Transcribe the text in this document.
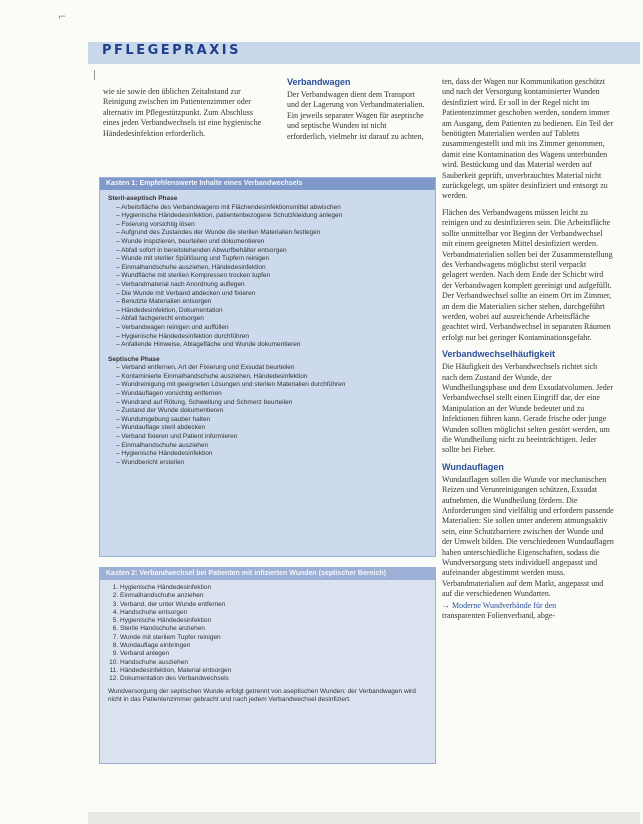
⌐
PFLEGEPRAXIS

wie sie sowie den üblichen Zeitabstand zur Reinigung zwischen im Patientenzimmer oder alternativ im Pflegestützpunkt. Zum Abschluss eines jeden Verbandwechsels ist eine hygienische Händedesinfektion erforderlich.

Verbandwagen

Der Verbandwagen dient dem Transport und der Lagerung von Verbandmaterialien. Ein jeweils separater Wagen für aseptische und septische Wunden ist nicht erforderlich, vielmehr ist darauf zu achten,

ten, dass der Wagen nur Kommunikation geschützt und nach der Versorgung kontaminierter Wunden desinfiziert wird. Er soll in der Regel nicht im Patientenzimmer geschoben werden, sondern immer am Ausgang, dem Patienten zu bedienen. Ein Teil der benötigten Materialien werden auf Tabletts zusammengestellt und mit ins Zimmer genommen, damit eine Kontamination des Wagens unterbunden wird. Bestückung und das Material werden auf Sauberkeit geprüft, unverbrauchtes Material nicht zurückgelegt, um später desinfiziert und entsorgt zu werden.

Flächen des Verbandwagens müssen leicht zu reinigen und zu desinfizieren sein. Die Arbeitsfläche sollte unmittelbar vor Beginn der Verbandwechsel mit einem geeigneten Mittel desinfiziert werden. Verbandmaterialien sollen bei der Zusammenstellung des Verbandwagens möglichst steril verpackt gelagert werden. Nach dem Ende der Schicht wird der Verbandwagen komplett gereinigt und aufgefüllt. Der Verbandwechsel sollte an einem Ort im Zimmer, an dem die Materialien sicher stehen, durchgeführt werden, wobei auf ausreichende Arbeitsfläche geachtet wird. Verbandwechsel in separaten Räumen erfolgt nur bei geringer Kontaminationsgefahr.

Verbandwechselhäufigkeit

Die Häufigkeit des Verbandwechsels richtet sich nach dem Zustand der Wunde, der Wundheilungsphase und dem Exsudatvolumen. Jeder Verbandwechsel stellt einen Eingriff dar, der eine Manipulation an der Wunde bedeutet und zu Infektionen führen kann. Gerade frische oder junge Wunden sollten möglichst selten gestört werden, um die Wundheilung nicht zu beeinträchtigen. Jeder sollte bei Fieber.

Wundauflagen

Wundauflagen sollen die Wunde vor mechanischen Reizen und Verunreinigungen schützen, Exsudat aufnehmen, die Wundheilung fördern. Die Anforderungen sind vielfältig und erfordern passende Materialien: Sie sollen unter anderem atmungsaktiv sein, eine Schutzbarriere zwischen der Wunde und der Umwelt bilden. Die verschiedenen Wundauflagen haben unterschiedliche Eigenschaften, sodass die Wundversorgung stets individuell angepasst und aufeinander abgestimmt werden muss. Verbandmaterialien auf dem Markt, angepasst und auf die verschiedenen Wundarten.

→ Moderne Wundverbände für den
transparenten Folienverband, abge-
Kasten 1: Empfehlenswerte Inhalte eines Verbandwechsels
Steril-aseptisch Phase
– Arbeitsfläche des Verbandwagens mit Flächendesinfektionsmittel abwischen
– Hygienische Händedesinfektion, patientenbezogene Schutzkleidung anlegen
– Fixierung vorsichtig lösen
– Aufgrund des Zustandes der Wunde die sterilen Materialien festlegen
– Wunde inspizieren, beurteilen und dokumentieren
– Abfall sofort in bereitstehenden Abwurfbehälter entsorgen
– Wunde mit steriler Spüllösung und Tupfern reinigen
– Einmalhandschuhe ausziehen, Händedesinfektion
– Wundfläche mit sterilen Kompressen trocken tupfen
– Verbandmaterial nach Anordnung auflegen
– Die Wunde mit Verband abdecken und fixieren
– Benutzte Materialien entsorgen
– Händedesinfektion, Dokumentation
– Abfall fachgerecht entsorgen
– Verbandwagen reinigen und auffüllen
– Hygienische Händedesinfektion durchführen
– Anfallende Hinweise, Ablagefläche und Wunde dokumentieren
Septische Phase
– Verband entfernen, Art der Fixierung und Exsudat beurteilen
– Kontaminierte Einmalhandschuhe ausziehen, Händedesinfektion
– Wundreinigung mit geeigneten Lösungen und sterilen Materialien durchführen
– Wundauflagen vorsichtig entfernen
– Wundrand auf Rötung, Schwellung und Schmerz beurteilen
– Zustand der Wunde dokumentieren
– Wundumgebung sauber halten
– Wundauflage steril abdecken
– Verband fixieren und Patient informieren
– Einmalhandschuhe ausziehen
– Hygienische Händedesinfektion
– Wundbericht erstellen
Kasten 2: Verbandwechsel bei Patienten mit infizierten Wunden (septischer Bereich)
1. Hygienische Händedesinfektion
2. Einmalhandschuhe anziehen
3. Verband, der unter Wunde entfernen
4. Handschuhe entsorgen
5. Hygienische Händedesinfektion
6. Sterile Handschuhe anziehen
7. Wunde mit sterilem Tupfer reinigen
8. Wundauflage einbringen
9. Verband anlegen
10. Handschuhe ausziehen
11. Händedesinfektion, Material entsorgen
12. Dokumentation des Verbandwechsels
Wundversorgung der septischen Wunde erfolgt getrennt von aseptischen Wunden; der Verbandwagen wird nicht in das Patientenzimmer gebracht und nach jedem Verbandwechsel desinfiziert.
